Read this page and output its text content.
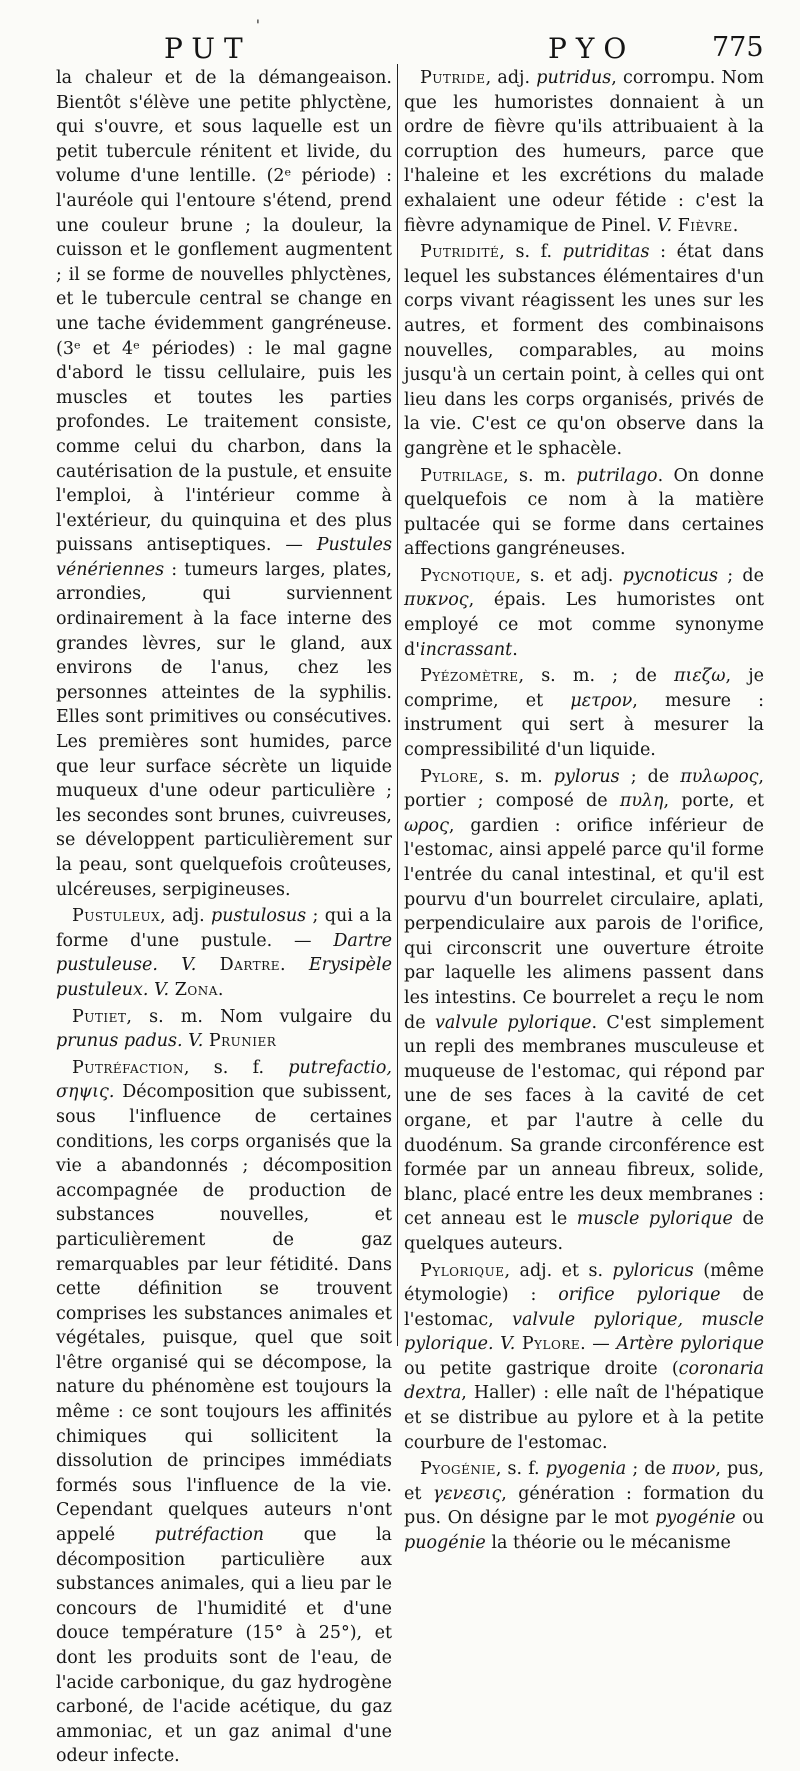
'
PUT	PYO	775

la chaleur et de la démangeaison. Bientôt s'élève une petite phlyctène, qui s'ouvre, et sous laquelle est un petit tubercule rénitent et livide, du volume d'une lentille. (2ᵉ période) : l'auréole qui l'entoure s'étend, prend une couleur brune ; la douleur, la cuisson et le gonflement augmentent ; il se forme de nouvelles phlyctènes, et le tubercule central se change en une tache évidemment gangréneuse. (3ᵉ et 4ᵉ périodes) : le mal gagne d'abord le tissu cellulaire, puis les muscles et toutes les parties profondes. Le traitement consiste, comme celui du charbon, dans la cautérisation de la pustule, et ensuite l'emploi, à l'intérieur comme à l'extérieur, du quinquina et des plus puissans antiseptiques. — Pustules vénériennes : tumeurs larges, plates, arrondies, qui surviennent ordinairement à la face interne des grandes lèvres, sur le gland, aux environs de l'anus, chez les personnes atteintes de la syphilis. Elles sont primitives ou consécutives. Les premières sont humides, parce que leur surface sécrète un liquide muqueux d'une odeur particulière ; les secondes sont brunes, cuivreuses, se développent particulièrement sur la peau, sont quelquefois croûteuses, ulcéreuses, serpigineuses.

Pustuleux, adj. pustulosus ; qui a la forme d'une pustule. — Dartre pustuleuse. V. Dartre. Erysipèle pustuleux. V. Zona.

Putiet, s. m. Nom vulgaire du prunus padus. V. Prunier

Putréfaction, s. f. putrefactio, σηψις. Décomposition que subissent, sous l'influence de certaines conditions, les corps organisés que la vie a abandonnés ; décomposition accompagnée de production de substances nouvelles, et particulièrement de gaz remarquables par leur fétidité. Dans cette définition se trouvent comprises les substances animales et végétales, puisque, quel que soit l'être organisé qui se décompose, la nature du phénomène est toujours la même : ce sont toujours les affinités chimiques qui sollicitent la dissolution de principes immédiats formés sous l'influence de la vie. Cependant quelques auteurs n'ont appelé putréfaction que la décomposition particulière aux substances animales, qui a lieu par le concours de l'humidité et d'une douce température (15° à 25°), et dont les produits sont de l'eau, de l'acide carbonique, du gaz hydrogène carboné, de l'acide acétique, du gaz ammoniac, et un gaz animal d'une odeur infecte.

Putride, adj. putridus, corrompu. Nom que les humoristes donnaient à un ordre de fièvre qu'ils attribuaient à la corruption des humeurs, parce que l'haleine et les excrétions du malade exhalaient une odeur fétide : c'est la fièvre adynamique de Pinel. V. Fièvre.

Putridité, s. f. putriditas : état dans lequel les substances élémentaires d'un corps vivant réagissent les unes sur les autres, et forment des combinaisons nouvelles, comparables, au moins jusqu'à un certain point, à celles qui ont lieu dans les corps organisés, privés de la vie. C'est ce qu'on observe dans la gangrène et le sphacèle.

Putrilage, s. m. putrilago. On donne quelquefois ce nom à la matière pultacée qui se forme dans certaines affections gangréneuses.

Pycnotique, s. et adj. pycnoticus ; de πυκνος, épais. Les humoristes ont employé ce mot comme synonyme d'incrassant.

Pyézomètre, s. m. ; de πιεζω, je comprime, et μετρον, mesure : instrument qui sert à mesurer la compressibilité d'un liquide.

Pylore, s. m. pylorus ; de πυλωρος, portier ; composé de πυλη, porte, et ωρος, gardien : orifice inférieur de l'estomac, ainsi appelé parce qu'il forme l'entrée du canal intestinal, et qu'il est pourvu d'un bourrelet circulaire, aplati, perpendiculaire aux parois de l'orifice, qui circonscrit une ouverture étroite par laquelle les alimens passent dans les intestins. Ce bourrelet a reçu le nom de valvule pylorique. C'est simplement un repli des membranes musculeuse et muqueuse de l'estomac, qui répond par une de ses faces à la cavité de cet organe, et par l'autre à celle du duodénum. Sa grande circonférence est formée par un anneau fibreux, solide, blanc, placé entre les deux membranes : cet anneau est le muscle pylorique de quelques auteurs.

Pylorique, adj. et s. pyloricus (même étymologie) : orifice pylorique de l'estomac, valvule pylorique, muscle pylorique. V. Pylore. — Artère pylorique ou petite gastrique droite (coronaria dextra, Haller) : elle naît de l'hépatique et se distribue au pylore et à la petite courbure de l'estomac.

Pyogénie, s. f. pyogenia ; de πυον, pus, et γενεσις, génération : formation du pus. On désigne par le mot pyogénie ou puogénie la théorie ou le mécanisme
